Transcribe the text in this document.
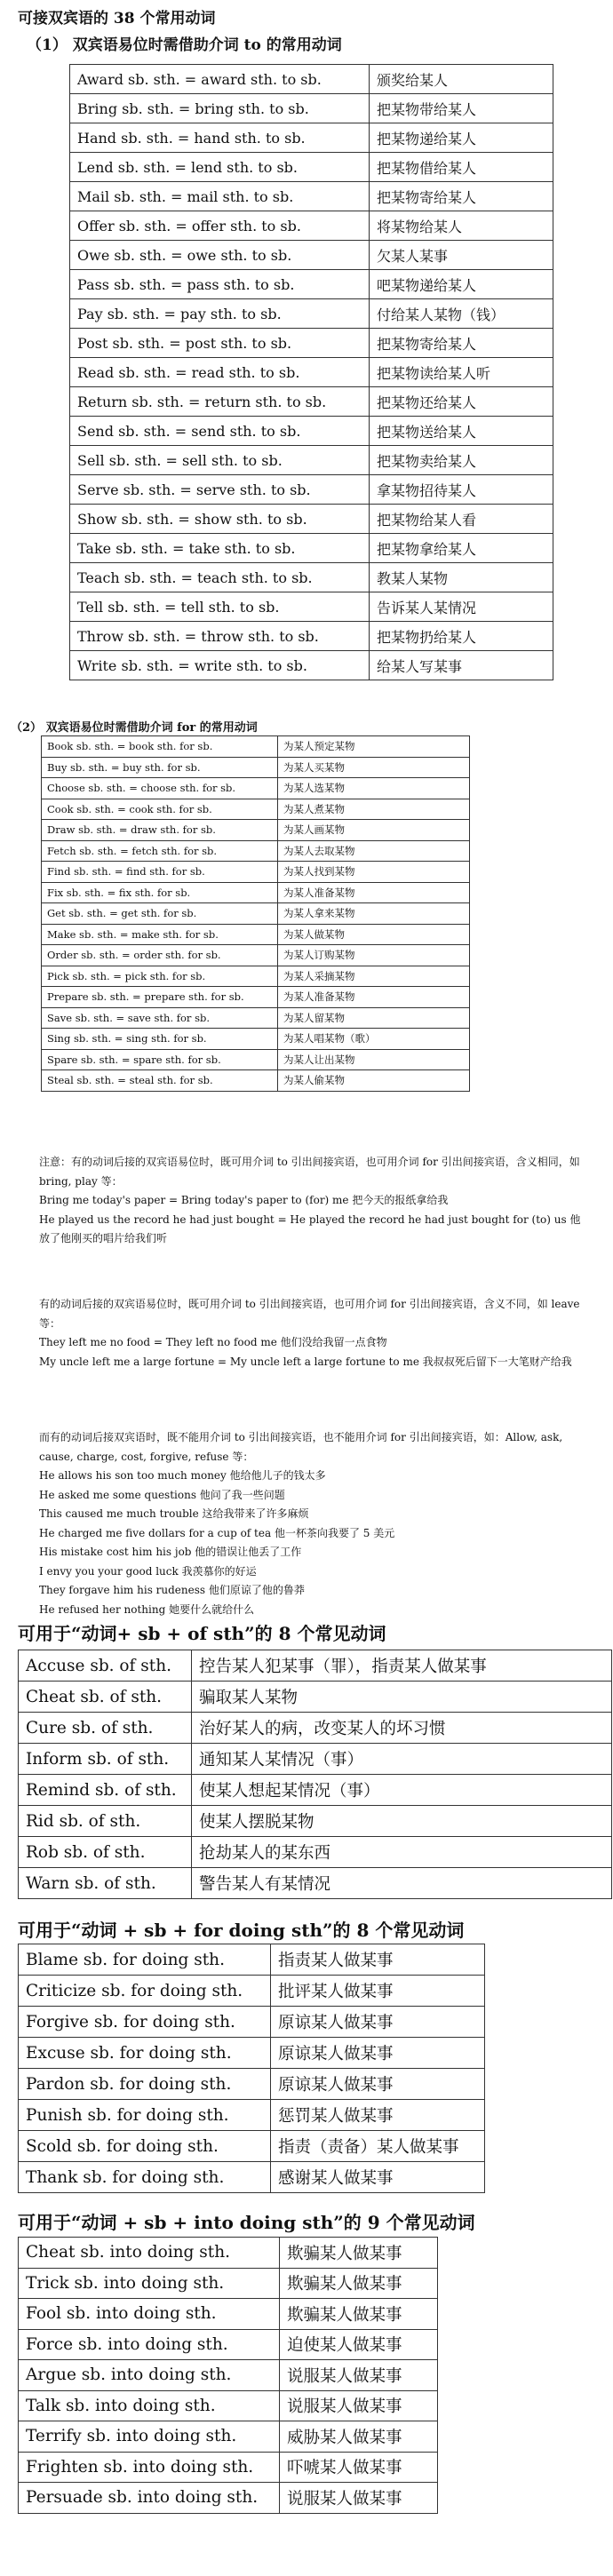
可接双宾语的 38 个常用动词
（1） 双宾语易位时需借助介词 to 的常用动词
Award sb. sth. = award sth. to sb.	颁奖给某人
Bring sb. sth. = bring sth. to sb.	把某物带给某人
Hand sb. sth. = hand sth. to sb.	把某物递给某人
Lend sb. sth. = lend sth. to sb.	把某物借给某人
Mail sb. sth. = mail sth. to sb.	把某物寄给某人
Offer sb. sth. = offer sth. to sb.	将某物给某人
Owe sb. sth. = owe sth. to sb.	欠某人某事
Pass sb. sth. = pass sth. to sb.	吧某物递给某人
Pay sb. sth. = pay sth. to sb.	付给某人某物（钱）
Post sb. sth. = post sth. to sb.	把某物寄给某人
Read sb. sth. = read sth. to sb.	把某物读给某人听
Return sb. sth. = return sth. to sb.	把某物还给某人
Send sb. sth. = send sth. to sb.	把某物送给某人
Sell sb. sth. = sell sth. to sb.	把某物卖给某人
Serve sb. sth. = serve sth. to sb.	拿某物招待某人
Show sb. sth. = show sth. to sb.	把某物给某人看
Take sb. sth. = take sth. to sb.	把某物拿给某人
Teach sb. sth. = teach sth. to sb.	教某人某物
Tell sb. sth. = tell sth. to sb.	告诉某人某情况
Throw sb. sth. = throw sth. to sb.	把某物扔给某人
Write sb. sth. = write sth. to sb.	给某人写某事
（2） 双宾语易位时需借助介词 for 的常用动词
Book sb. sth. = book sth. for sb.	为某人预定某物
Buy sb. sth. = buy sth. for sb.	为某人买某物
Choose sb. sth. = choose sth. for sb.	为某人选某物
Cook sb. sth. = cook sth. for sb.	为某人煮某物
Draw sb. sth. = draw sth. for sb.	为某人画某物
Fetch sb. sth. = fetch sth. for sb.	为某人去取某物
Find sb. sth. = find sth. for sb.	为某人找到某物
Fix sb. sth. = fix sth. for sb.	为某人准备某物
Get sb. sth. = get sth. for sb.	为某人拿来某物
Make sb. sth. = make sth. for sb.	为某人做某物
Order sb. sth. = order sth. for sb.	为某人订购某物
Pick sb. sth. = pick sth. for sb.	为某人采摘某物
Prepare sb. sth. = prepare sth. for sb.	为某人准备某物
Save sb. sth. = save sth. for sb.	为某人留某物
Sing sb. sth. = sing sth. for sb.	为某人唱某物（歌）
Spare sb. sth. = spare sth. for sb.	为某人让出某物
Steal sb. sth. = steal sth. for sb.	为某人偷某物

注意：有的动词后接的双宾语易位时，既可用介词 to 引出间接宾语，也可用介词 for 引出间接宾语，含义相同，如 bring, play 等：

Bring me today's paper = Bring today's paper to (for) me 把今天的报纸拿给我

He played us the record he had just bought = He played the record he had just bought for (to) us 他放了他刚买的唱片给我们听

有的动词后接的双宾语易位时，既可用介词 to 引出间接宾语，也可用介词 for 引出间接宾语，含义不同，如 leave 等：

They left me no food = They left no food me 他们没给我留一点食物

My uncle left me a large fortune = My uncle left a large fortune to me 我叔叔死后留下一大笔财产给我

而有的动词后接双宾语时，既不能用介词 to 引出间接宾语，也不能用介词 for 引出间接宾语，如：Allow, ask, cause, charge, cost, forgive, refuse 等：

He allows his son too much money 他给他儿子的钱太多

He asked me some questions 他问了我一些问题

This caused me much trouble 这给我带来了许多麻烦

He charged me five dollars for a cup of tea 他一杯茶向我要了 5 美元

His mistake cost him his job 他的错误让他丢了工作

I envy you your good luck 我羡慕你的好运

They forgave him his rudeness 他们原谅了他的鲁莽

He refused her nothing 她要什么就给什么

可用于“动词+ sb + of sth”的 8 个常见动词
Accuse sb. of sth.	控告某人犯某事（罪），指责某人做某事
Cheat sb. of sth.	骗取某人某物
Cure sb. of sth.	治好某人的病，改变某人的坏习惯
Inform sb. of sth.	通知某人某情况（事）
Remind sb. of sth.	使某人想起某情况（事）
Rid sb. of sth.	使某人摆脱某物
Rob sb. of sth.	抢劫某人的某东西
Warn sb. of sth.	警告某人有某情况
可用于“动词 + sb + for doing sth”的 8 个常见动词
Blame sb. for doing sth.	指责某人做某事
Criticize sb. for doing sth.	批评某人做某事
Forgive sb. for doing sth.	原谅某人做某事
Excuse sb. for doing sth.	原谅某人做某事
Pardon sb. for doing sth.	原谅某人做某事
Punish sb. for doing sth.	惩罚某人做某事
Scold sb. for doing sth.	指责（责备）某人做某事
Thank sb. for doing sth.	感谢某人做某事
可用于“动词 + sb + into doing sth”的 9 个常见动词
Cheat sb. into doing sth.	欺骗某人做某事
Trick sb. into doing sth.	欺骗某人做某事
Fool sb. into doing sth.	欺骗某人做某事
Force sb. into doing sth.	迫使某人做某事
Argue sb. into doing sth.	说服某人做某事
Talk sb. into doing sth.	说服某人做某事
Terrify sb. into doing sth.	威胁某人做某事
Frighten sb. into doing sth.	吓唬某人做某事
Persuade sb. into doing sth.	说服某人做某事
